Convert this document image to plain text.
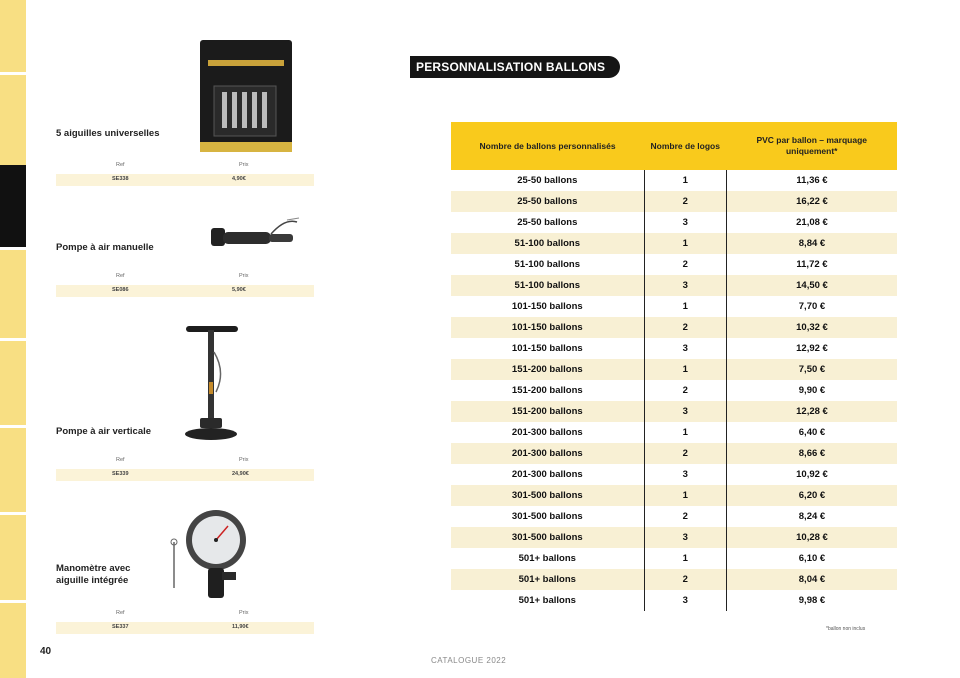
5 aiguilles universelles
Ref	Prix
SE338	4,90€
Pompe à air manuelle
Ref	Prix
SE086	5,90€
Pompe à air verticale
Ref	Prix
SE339	24,90€
Manomètre avec
aiguille intégrée
Ref	Prix
SE337	11,90€
PERSONNALISATION BALLONS
Nombre de ballons personnalisés	Nombre de logos	PVC par ballon – marquage uniquement*
25-50 ballons	1	11,36 €
25-50 ballons	2	16,22 €
25-50 ballons	3	21,08 €
51-100 ballons	1	8,84 €
51-100 ballons	2	11,72 €
51-100 ballons	3	14,50 €
101-150 ballons	1	7,70 €
101-150 ballons	2	10,32 €
101-150 ballons	3	12,92 €
151-200 ballons	1	7,50 €
151-200 ballons	2	9,90 €
151-200 ballons	3	12,28 €
201-300 ballons	1	6,40 €
201-300 ballons	2	8,66 €
201-300 ballons	3	10,92 €
301-500 ballons	1	6,20 €
301-500 ballons	2	8,24 €
301-500 ballons	3	10,28 €
501+ ballons	1	6,10 €
501+ ballons	2	8,04 €
501+ ballons	3	9,98 €
*ballon non inclus
40
CATALOGUE 2022
